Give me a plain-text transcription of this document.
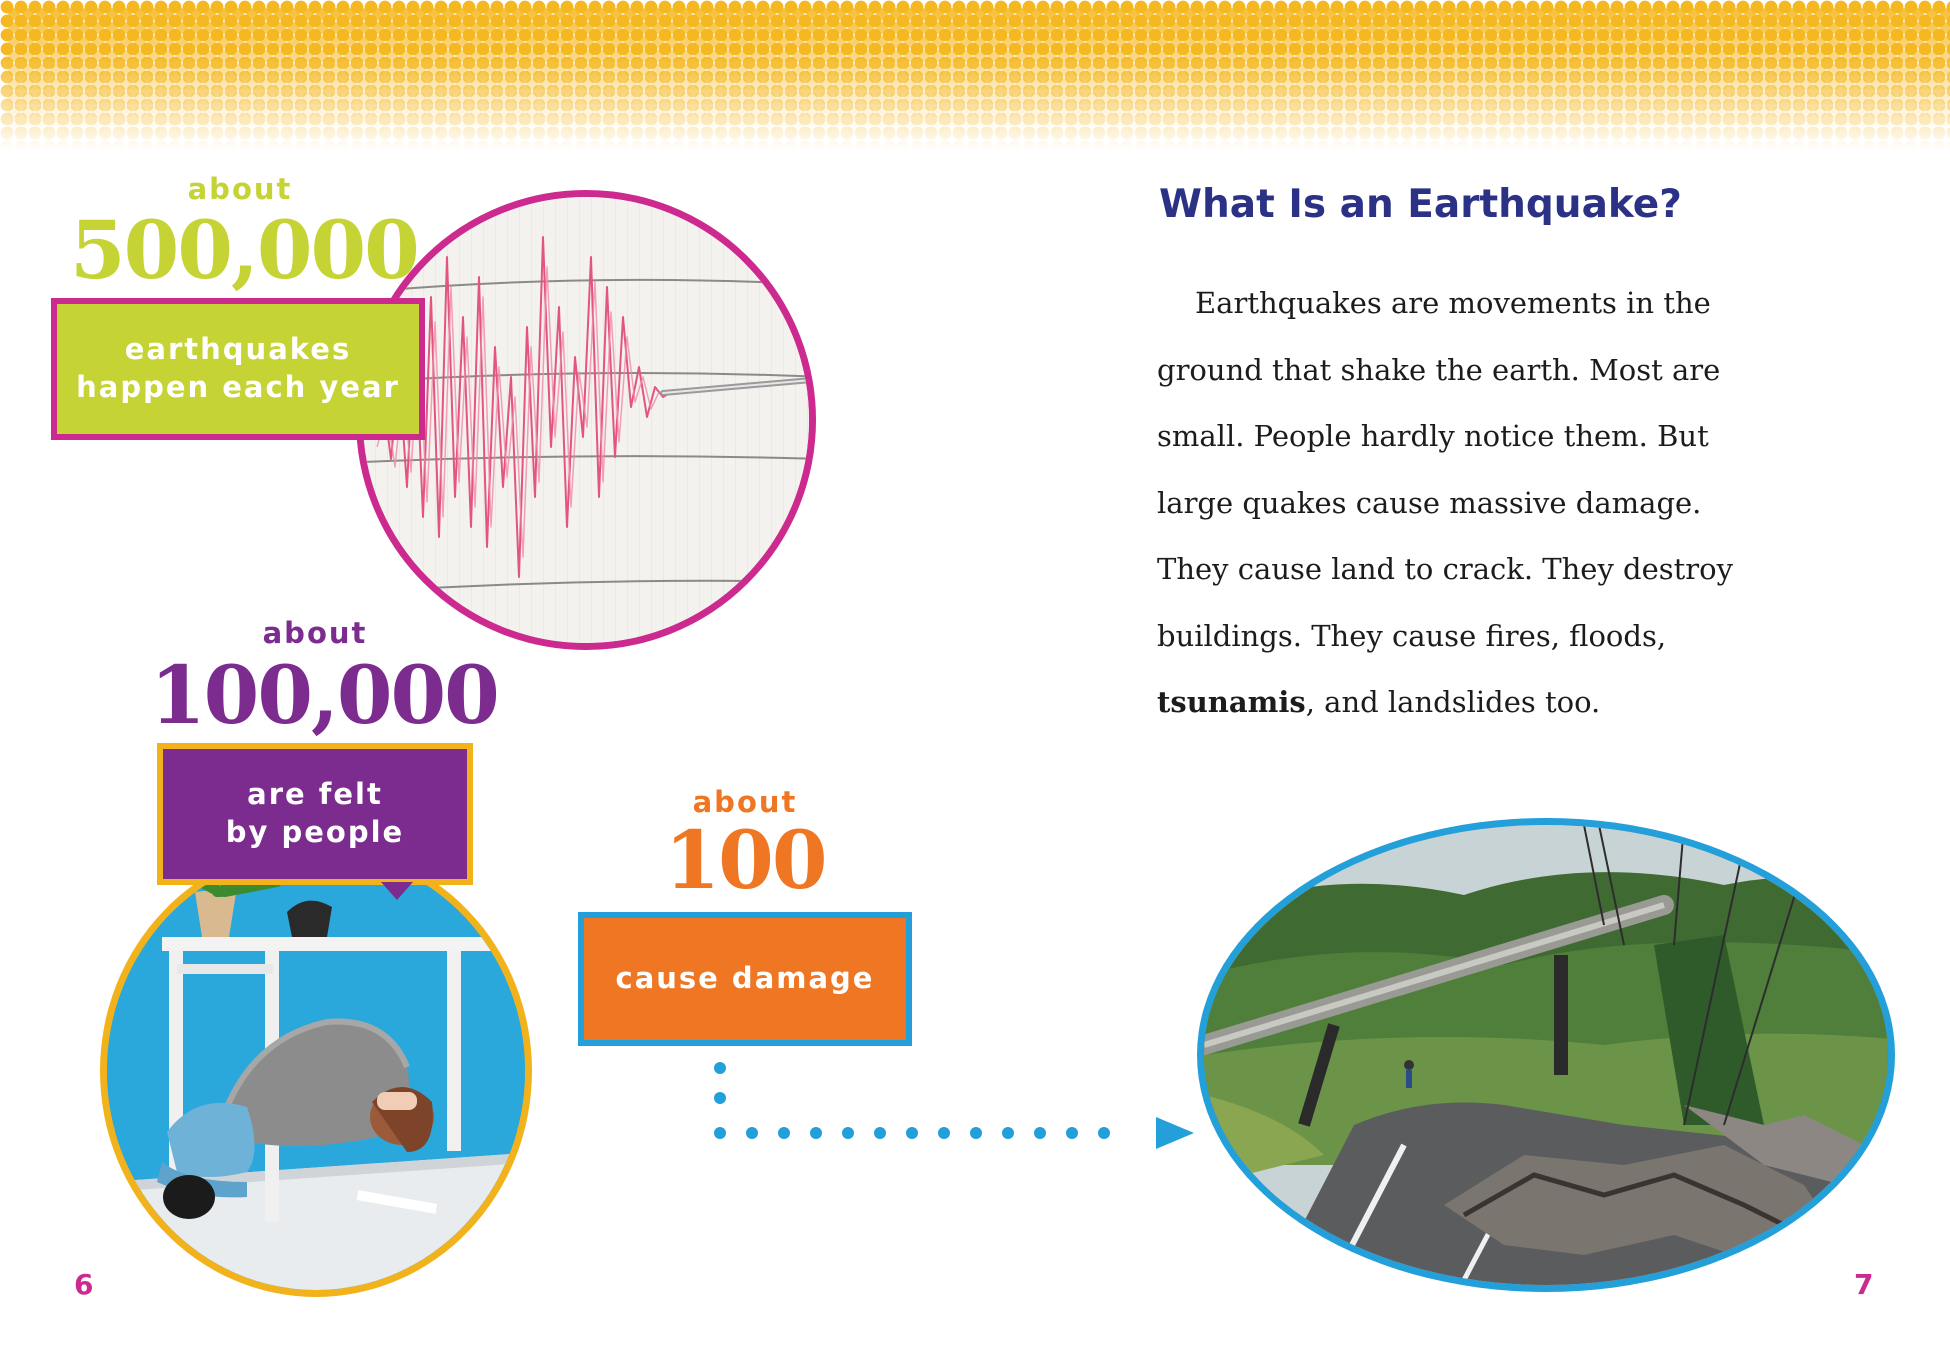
about
500,000
earthquakes
happen each year
about
100,000
are felt
by people
about
100
cause damage
What Is an Earthquake?

Earthquakes are movements in the ground that shake the earth. Most are small. People hardly notice them. But large quakes cause massive damage. They cause land to crack. They destroy buildings. They cause fires, floods,
tsunamis, and landslides too.

6	7
